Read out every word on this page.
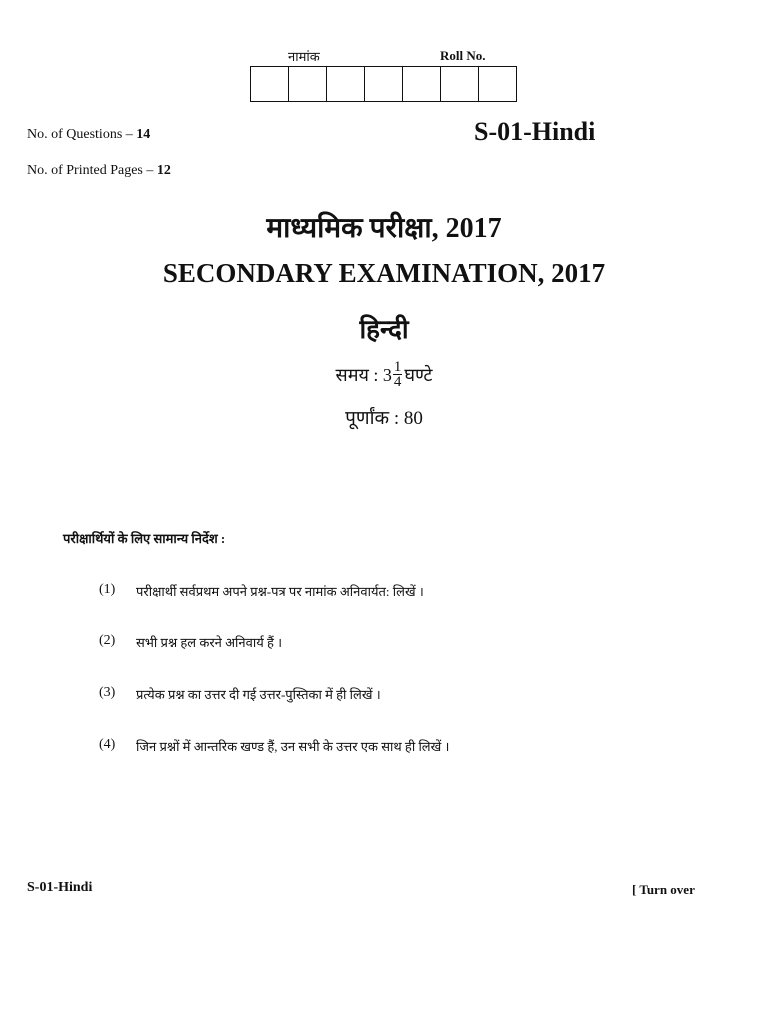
नामांक	Roll No.
No. of Questions – 14
No. of Printed Pages – 12
S-01-Hindi
माध्यमिक परीक्षा, 2017
SECONDARY EXAMINATION, 2017
हिन्दी
समय : $3 \frac{1}{4}$ घण्टे
पूर्णांक : 80
परीक्षार्थियों के लिए सामान्य निर्देश :
(1)	परीक्षार्थी सर्वप्रथम अपने प्रश्न-पत्र पर नामांक अनिवार्यत: लिखें ।
(2)	सभी प्रश्न हल करने अनिवार्य हैं ।
(3)	प्रत्येक प्रश्न का उत्तर दी गई उत्तर-पुस्तिका में ही लिखें ।
(4)	जिन प्रश्नों में आन्तरिक खण्ड हैं, उन सभी के उत्तर एक साथ ही लिखें ।
S-01-Hindi	[ Turn over
